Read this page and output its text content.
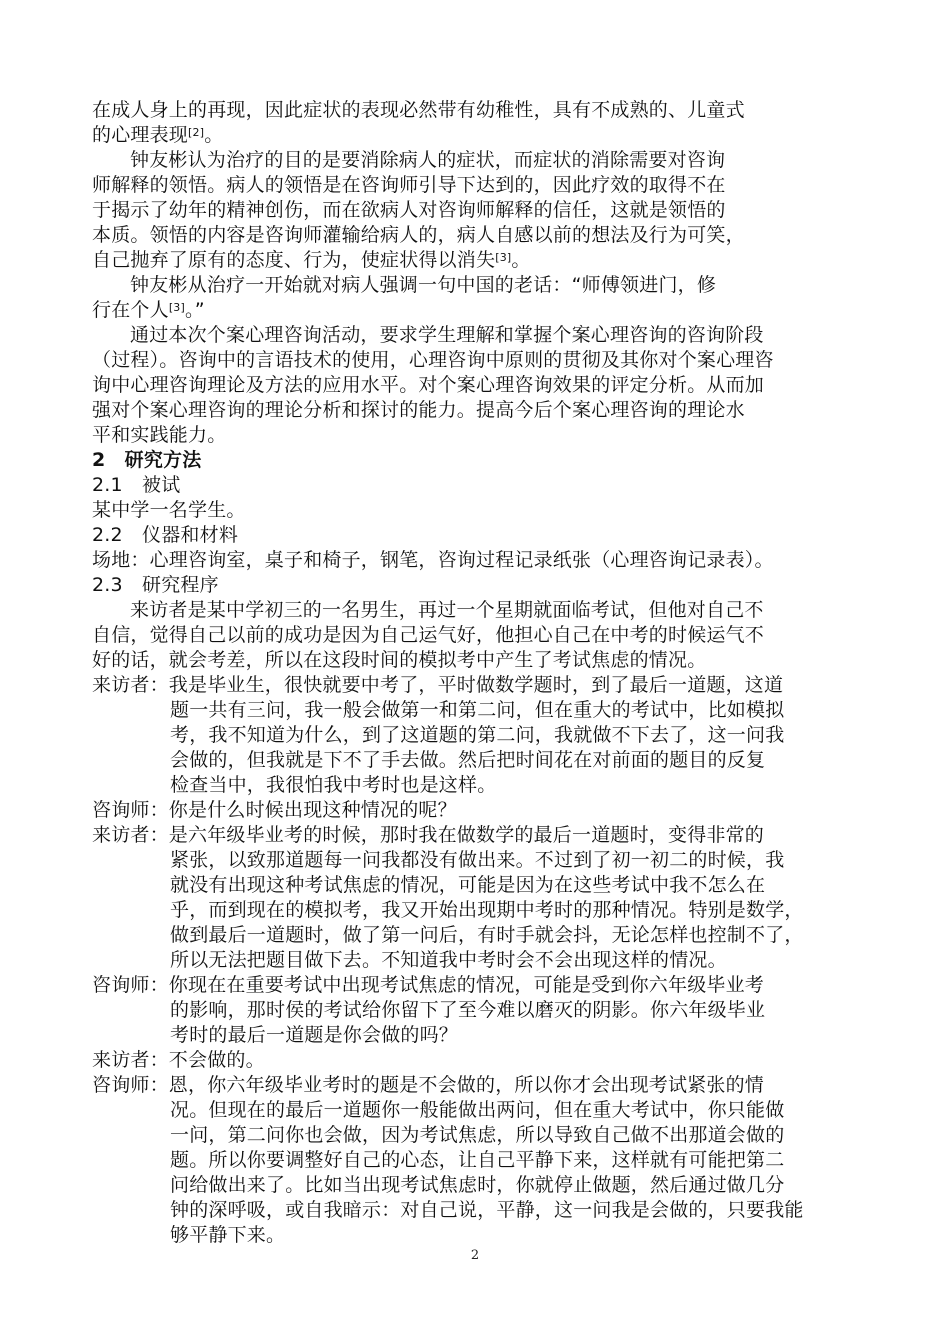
在成人身上的再现，因此症状的表现必然带有幼稚性，具有不成熟的、儿童式
的心理表现[2]。
钟友彬认为治疗的目的是要消除病人的症状，而症状的消除需要对咨询
师解释的领悟。病人的领悟是在咨询师引导下达到的，因此疗效的取得不在
于揭示了幼年的精神创伤，而在欲病人对咨询师解释的信任，这就是领悟的
本质。领悟的内容是咨询师灌输给病人的，病人自感以前的想法及行为可笑，
自己抛弃了原有的态度、行为，使症状得以消失[3]。
钟友彬从治疗一开始就对病人强调一句中国的老话：“师傅领进门，修
行在个人[3]。”
通过本次个案心理咨询活动，要求学生理解和掌握个案心理咨询的咨询阶段
（过程）。咨询中的言语技术的使用，心理咨询中原则的贯彻及其你对个案心理咨
询中心理咨询理论及方法的应用水平。对个案心理咨询效果的评定分析。从而加
强对个案心理咨询的理论分析和探讨的能力。提高今后个案心理咨询的理论水
平和实践能力。
2　研究方法
2.1　被试
某中学一名学生。
2.2　仪器和材料
场地：心理咨询室，桌子和椅子，钢笔，咨询过程记录纸张（心理咨询记录表）。
2.3　研究程序
来访者是某中学初三的一名男生，再过一个星期就面临考试，但他对自己不
自信，觉得自己以前的成功是因为自己运气好，他担心自己在中考的时候运气不
好的话，就会考差，所以在这段时间的模拟考中产生了考试焦虑的情况。
来访者：我是毕业生，很快就要中考了，平时做数学题时，到了最后一道题，这道
题一共有三问，我一般会做第一和第二问，但在重大的考试中，比如模拟
考，我不知道为什么，到了这道题的第二问，我就做不下去了，这一问我
会做的，但我就是下不了手去做。然后把时间花在对前面的题目的反复
检查当中，我很怕我中考时也是这样。
咨询师：你是什么时候出现这种情况的呢？
来访者：是六年级毕业考的时候，那时我在做数学的最后一道题时，变得非常的
紧张，以致那道题每一问我都没有做出来。不过到了初一初二的时候，我
就没有出现这种考试焦虑的情况，可能是因为在这些考试中我不怎么在
乎，而到现在的模拟考，我又开始出现期中考时的那种情况。特别是数学，
做到最后一道题时，做了第一问后，有时手就会抖，无论怎样也控制不了，
所以无法把题目做下去。不知道我中考时会不会出现这样的情况。
咨询师：你现在在重要考试中出现考试焦虑的情况，可能是受到你六年级毕业考
的影响，那时侯的考试给你留下了至今难以磨灭的阴影。你六年级毕业
考时的最后一道题是你会做的吗？
来访者：不会做的。
咨询师：恩，你六年级毕业考时的题是不会做的，所以你才会出现考试紧张的情
况。但现在的最后一道题你一般能做出两问，但在重大考试中，你只能做
一问，第二问你也会做，因为考试焦虑，所以导致自己做不出那道会做的
题。所以你要调整好自己的心态，让自己平静下来，这样就有可能把第二
问给做出来了。比如当出现考试焦虑时，你就停止做题，然后通过做几分
钟的深呼吸，或自我暗示：对自己说，平静，这一问我是会做的，只要我能
够平静下来。
2
